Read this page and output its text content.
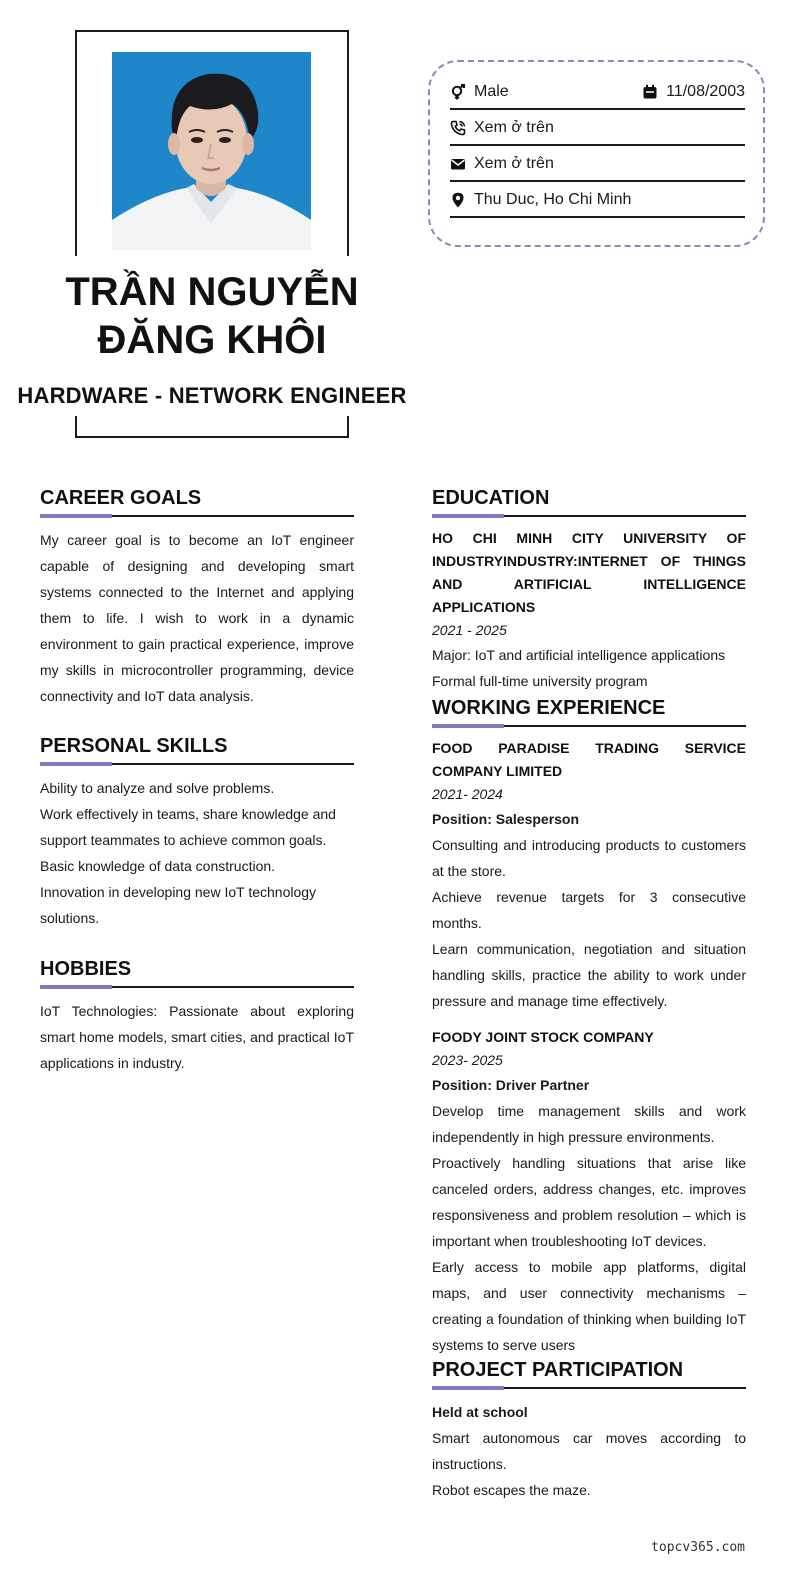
TRẦN NGUYỄN
ĐĂNG KHÔI
HARDWARE - NETWORK ENGINEER
Male	11/08/2003
Xem ở trên
Xem ở trên
Thu Duc, Ho Chi Minh
CAREER GOALS
My career goal is to become an IoT engineer capable of designing and developing smart systems connected to the Internet and applying them to life. I wish to work in a dynamic environment to gain practical experience, improve my skills in microcontroller programming, device connectivity and IoT data analysis.
PERSONAL SKILLS
Ability to analyze and solve problems.
Work effectively in teams, share knowledge and support teammates to achieve common goals.
Basic knowledge of data construction.
Innovation in developing new IoT technology solutions.
HOBBIES
IoT Technologies: Passionate about exploring smart home models, smart cities, and practical IoT applications in industry.
EDUCATION
HO CHI MINH CITY UNIVERSITY OF INDUSTRYINDUSTRY:INTERNET OF THINGS AND ARTIFICIAL INTELLIGENCE APPLICATIONS
2021 - 2025
Major: IoT and artificial intelligence applications
Formal full-time university program
WORKING EXPERIENCE
FOOD PARADISE TRADING SERVICE COMPANY LIMITED
2021- 2024
Position: Salesperson
Consulting and introducing products to customers at the store.
Achieve revenue targets for 3 consecutive months.
Learn communication, negotiation and situation handling skills, practice the ability to work under pressure and manage time effectively.
FOODY JOINT STOCK COMPANY
2023- 2025
Position: Driver Partner
Develop time management skills and work independently in high pressure environments.
Proactively handling situations that arise like canceled orders, address changes, etc. improves responsiveness and problem resolution – which is important when troubleshooting IoT devices.
Early access to mobile app platforms, digital maps, and user connectivity mechanisms – creating a foundation of thinking when building IoT systems to serve users
PROJECT PARTICIPATION
Held at school
Smart autonomous car moves according to instructions.
Robot escapes the maze.
topcv365.com
